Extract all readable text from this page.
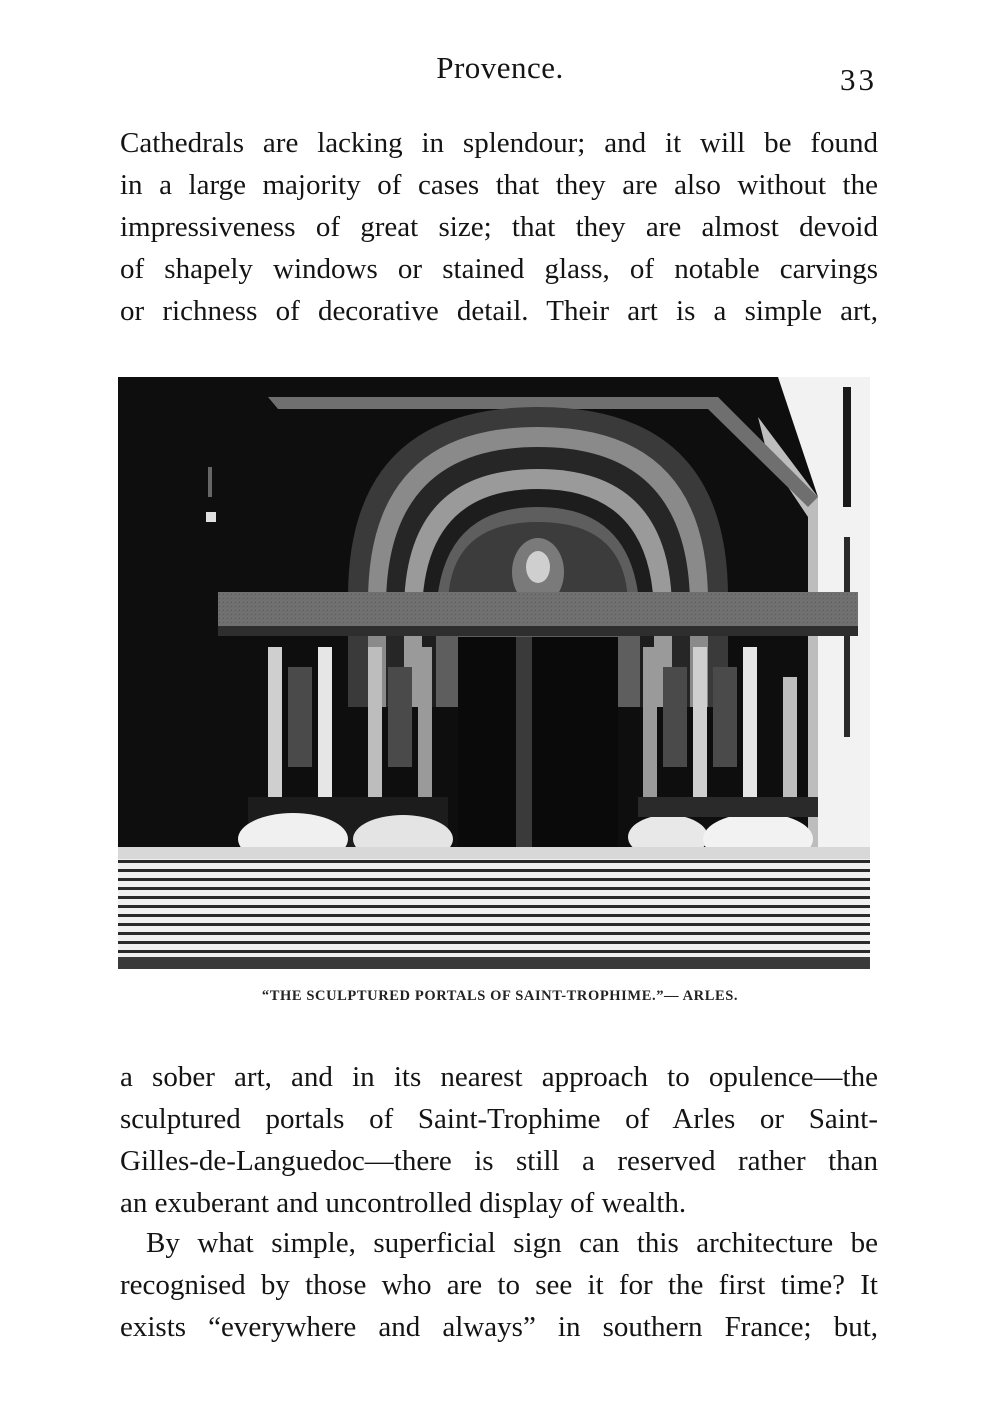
Provence.	33
Cathedrals are lacking in splendour; and it will be found
in a large majority of cases that they are also without the
impressiveness of great size; that they are almost devoid
of shapely windows or stained glass, of notable carvings
or richness of decorative detail. Their art is a simple art,
“THE SCULPTURED PORTALS OF SAINT-TROPHIME.”— ARLES.
a sober art, and in its nearest approach to opulence—the
sculptured portals of Saint-Trophime of Arles or Saint-
Gilles-de-Languedoc—there is still a reserved rather than
an exuberant and uncontrolled display of wealth.
By what simple, superficial sign can this architecture be
recognised by those who are to see it for the first time? It
exists “everywhere and always” in southern France; but,
